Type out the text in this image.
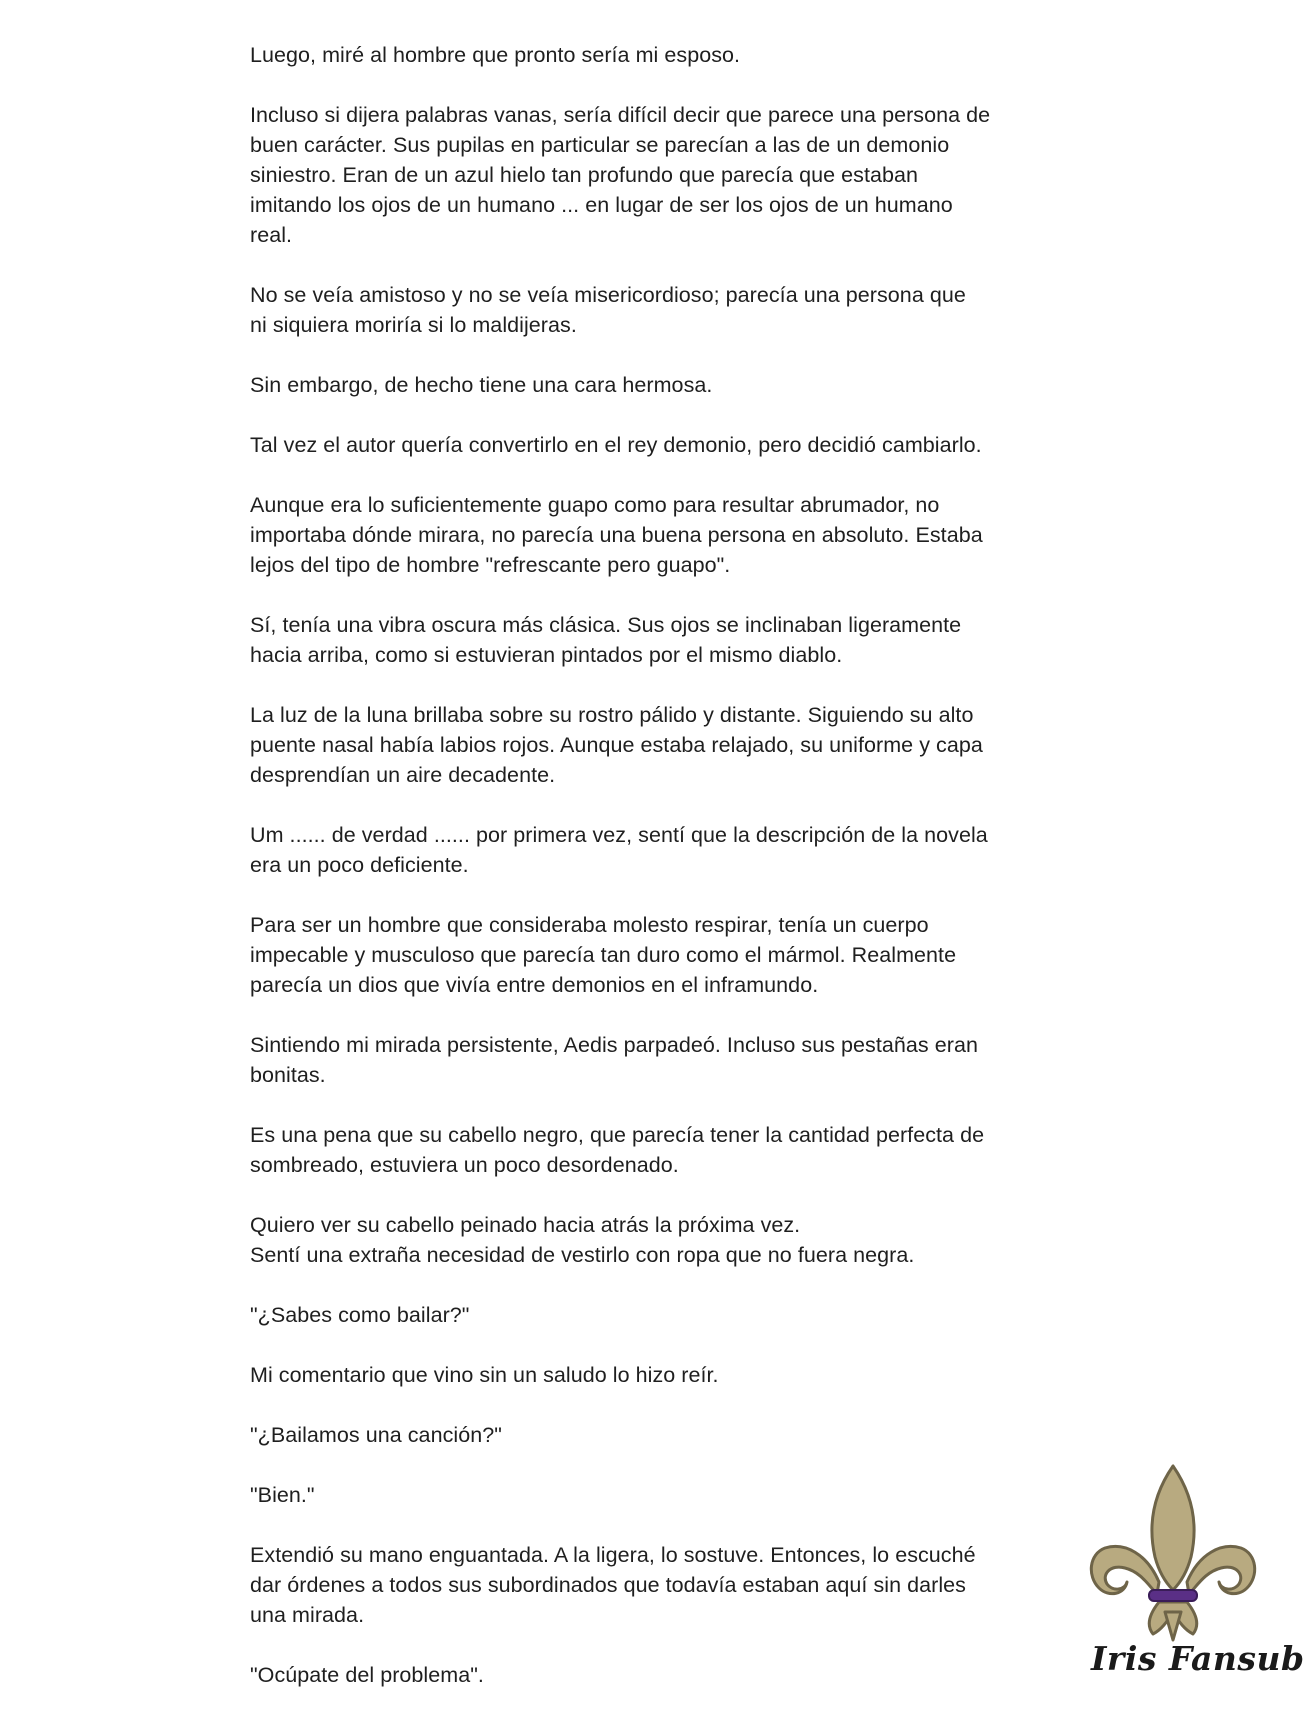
Luego, miré al hombre que pronto sería mi esposo.

Incluso si dijera palabras vanas, sería difícil decir que parece una persona de
buen carácter. Sus pupilas en particular se parecían a las de un demonio
siniestro. Eran de un azul hielo tan profundo que parecía que estaban
imitando los ojos de un humano ... en lugar de ser los ojos de un humano
real.

No se veía amistoso y no se veía misericordioso; parecía una persona que
ni siquiera moriría si lo maldijeras.

Sin embargo, de hecho tiene una cara hermosa.

Tal vez el autor quería convertirlo en el rey demonio, pero decidió cambiarlo.

Aunque era lo suficientemente guapo como para resultar abrumador, no
importaba dónde mirara, no parecía una buena persona en absoluto. Estaba
lejos del tipo de hombre "refrescante pero guapo".

Sí, tenía una vibra oscura más clásica. Sus ojos se inclinaban ligeramente
hacia arriba, como si estuvieran pintados por el mismo diablo.

La luz de la luna brillaba sobre su rostro pálido y distante. Siguiendo su alto
puente nasal había labios rojos. Aunque estaba relajado, su uniforme y capa
desprendían un aire decadente.

Um ...... de verdad ...... por primera vez, sentí que la descripción de la novela
era un poco deficiente.

Para ser un hombre que consideraba molesto respirar, tenía un cuerpo
impecable y musculoso que parecía tan duro como el mármol. Realmente
parecía un dios que vivía entre demonios en el inframundo.

Sintiendo mi mirada persistente, Aedis parpadeó. Incluso sus pestañas eran
bonitas.

Es una pena que su cabello negro, que parecía tener la cantidad perfecta de
sombreado, estuviera un poco desordenado.

Quiero ver su cabello peinado hacia atrás la próxima vez.
Sentí una extraña necesidad de vestirlo con ropa que no fuera negra.

"¿Sabes como bailar?"

Mi comentario que vino sin un saludo lo hizo reír.

"¿Bailamos una canción?"

"Bien."

Extendió su mano enguantada. A la ligera, lo sostuve. Entonces, lo escuché
dar órdenes a todos sus subordinados que todavía estaban aquí sin darles
una mirada.

"Ocúpate del problema".	Iris Fansub
